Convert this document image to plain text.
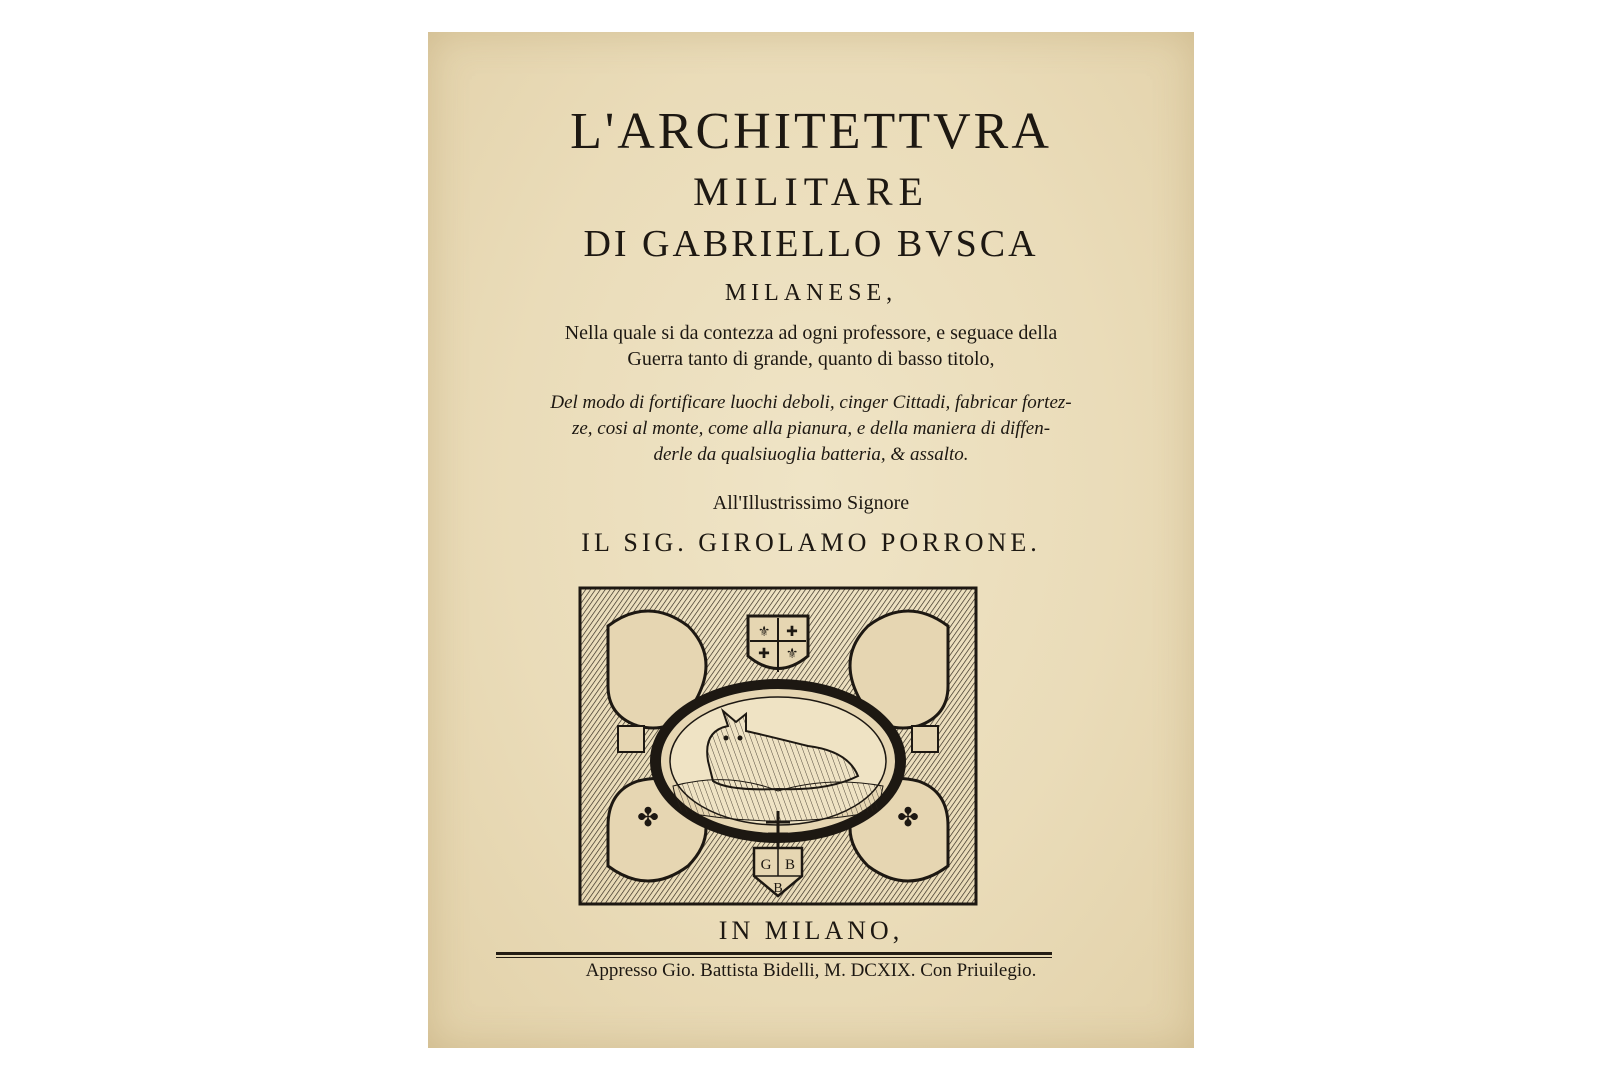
L'ARCHITETTVRA

MILITARE

DI GABRIELLO BVSCA

MILANESE,

Nella quale si da contezza ad ogni professore, e seguace della

Guerra tanto di grande, quanto di basso titolo,

Del modo di fortificare luochi deboli, cinger Cittadi, fabricar fortez-

ze, cosi al monte, come alla pianura, e della maniera di diffen-

derle da qualsiuoglia batteria, & assalto.

All'Illustrissimo Signore

IL SIG. GIROLAMO PORRONE.

⚜ ✚
✚ ⚜
G B
B
✤	✤

IN MILANO,

Appresso Gio. Battista Bidelli, M. DCXIX. Con Priuilegio.
